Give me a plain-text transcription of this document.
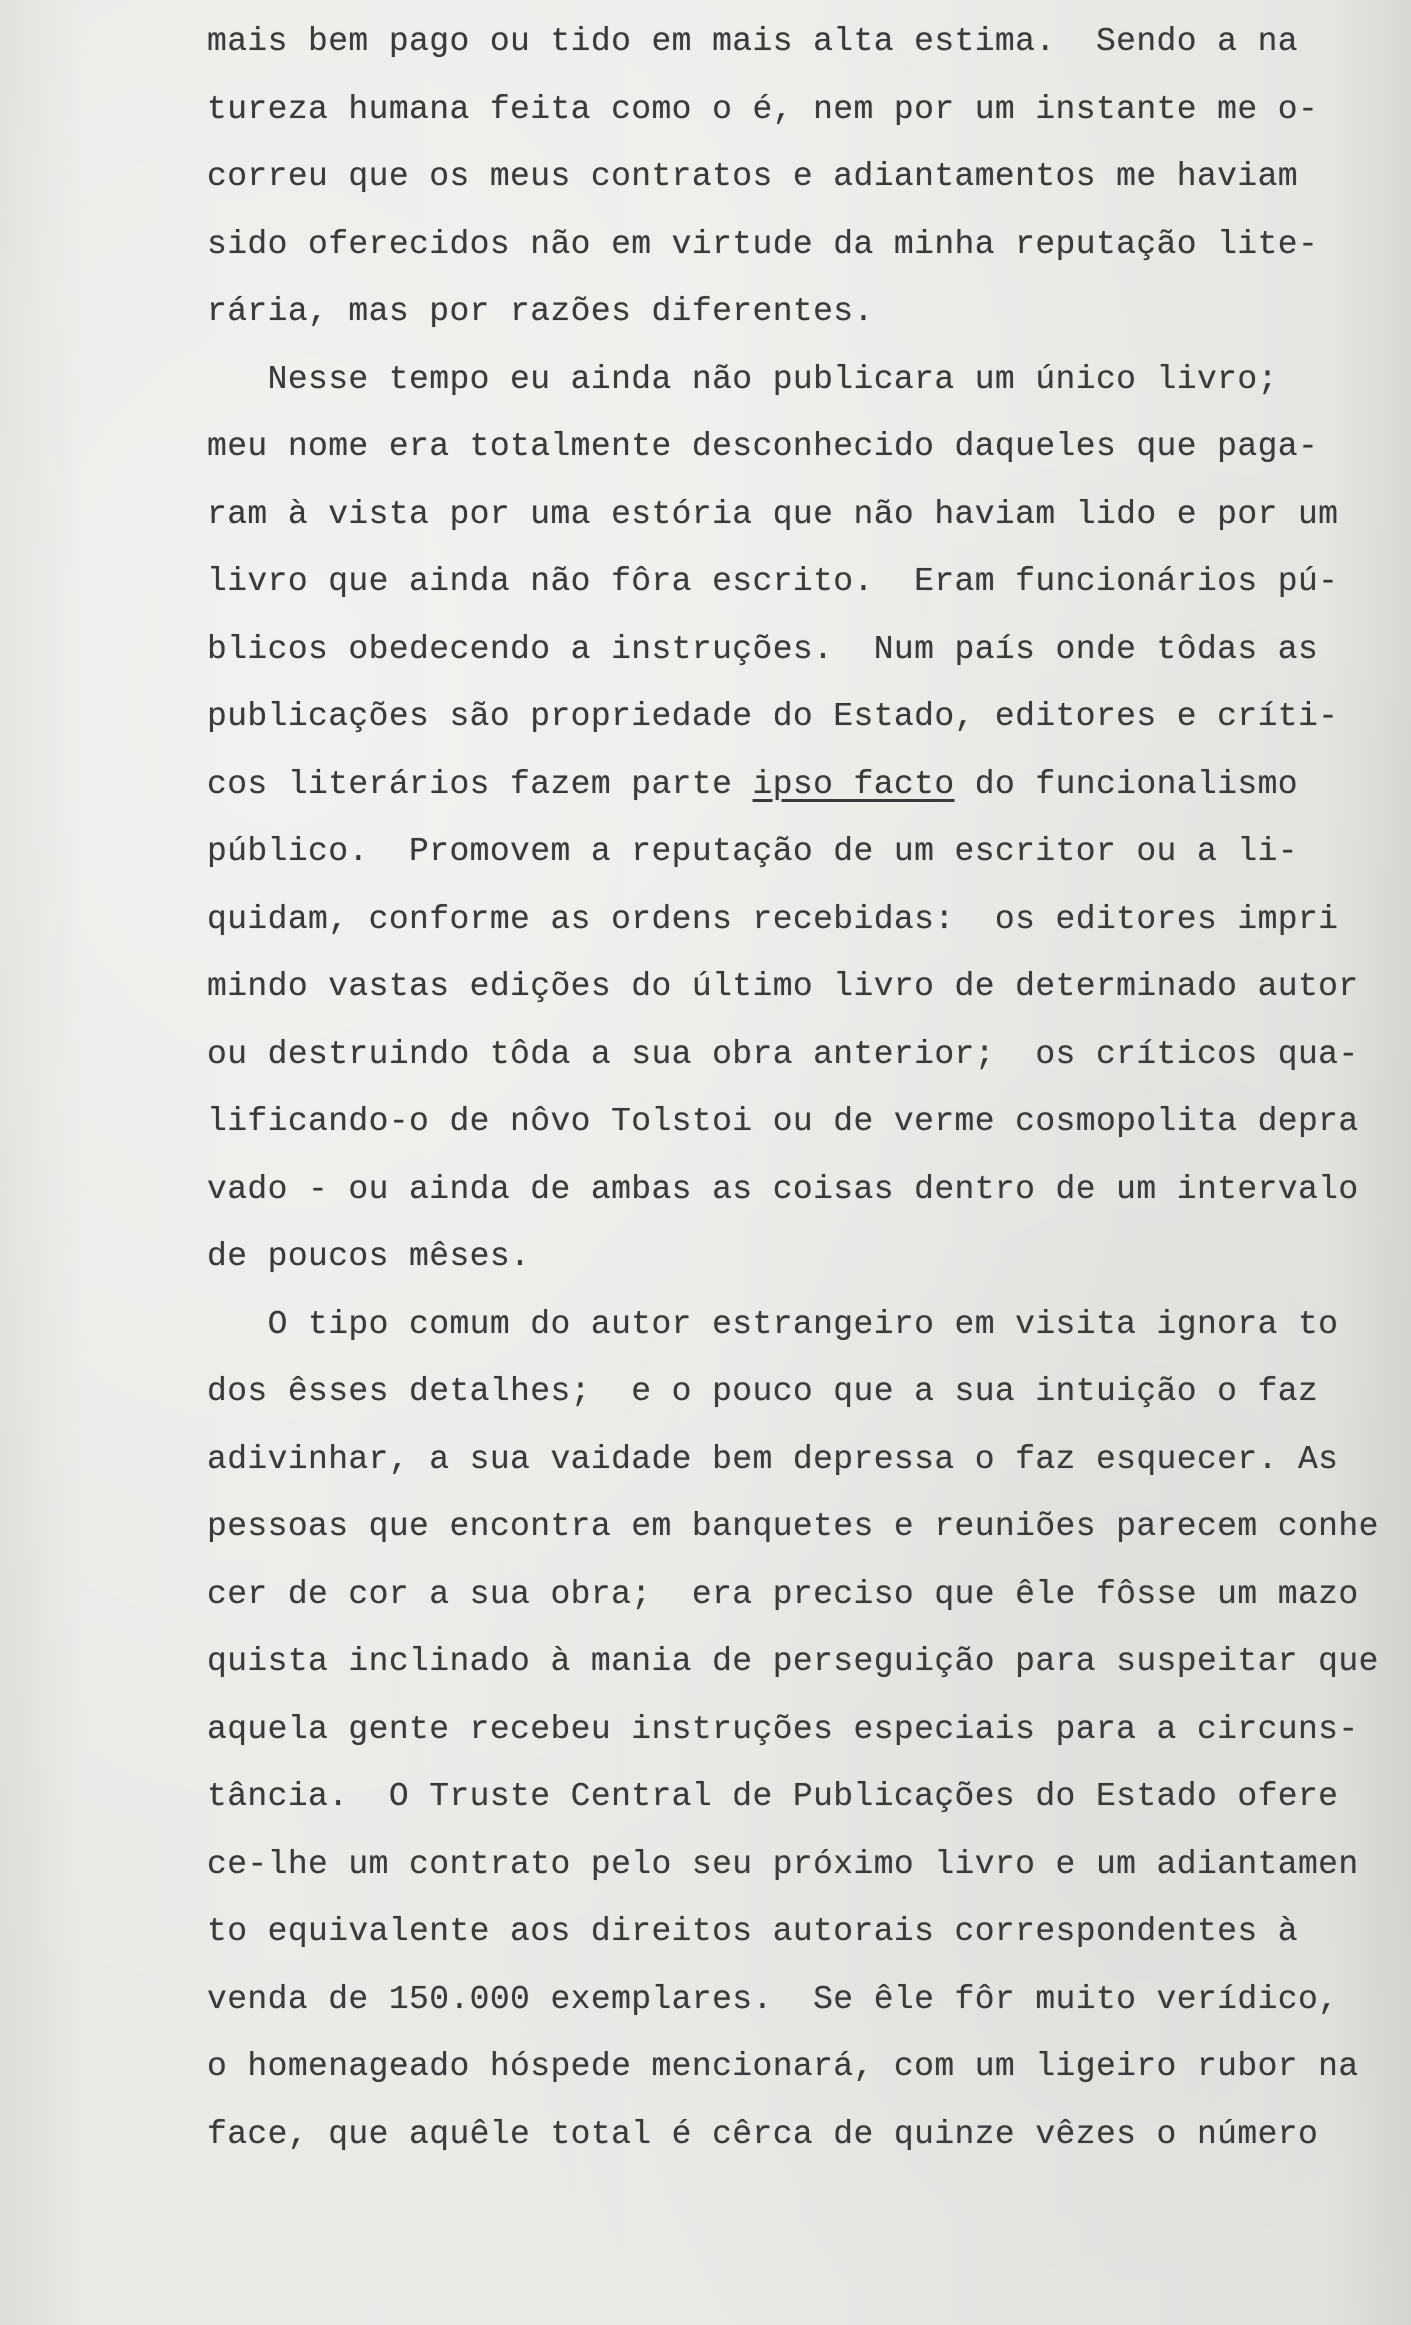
mais bem pago ou tido em mais alta estima.  Sendo a na
tureza humana feita como o é, nem por um instante me o-
correu que os meus contratos e adiantamentos me haviam
sido oferecidos não em virtude da minha reputação lite-
rária, mas por razões diferentes.
Nesse tempo eu ainda não publicara um único livro;
meu nome era totalmente desconhecido daqueles que paga-
ram à vista por uma estória que não haviam lido e por um
livro que ainda não fôra escrito.  Eram funcionários pú-
blicos obedecendo a instruções.  Num país onde tôdas as
publicações são propriedade do Estado, editores e críti-
cos literários fazem parte ipso facto do funcionalismo
público.  Promovem a reputação de um escritor ou a li-
quidam, conforme as ordens recebidas:  os editores impri
mindo vastas edições do último livro de determinado autor
ou destruindo tôda a sua obra anterior;  os críticos qua-
lificando-o de nôvo Tolstoi ou de verme cosmopolita depra
vado - ou ainda de ambas as coisas dentro de um intervalo
de poucos mêses.
O tipo comum do autor estrangeiro em visita ignora to
dos êsses detalhes;  e o pouco que a sua intuição o faz
adivinhar, a sua vaidade bem depressa o faz esquecer. As
pessoas que encontra em banquetes e reuniões parecem conhe
cer de cor a sua obra;  era preciso que êle fôsse um mazo
quista inclinado à mania de perseguição para suspeitar que
aquela gente recebeu instruções especiais para a circuns-
tância.  O Truste Central de Publicações do Estado ofere
ce-lhe um contrato pelo seu próximo livro e um adiantamen
to equivalente aos direitos autorais correspondentes à
venda de 150.000 exemplares.  Se êle fôr muito verídico,
o homenageado hóspede mencionará, com um ligeiro rubor na
face, que aquêle total é cêrca de quinze vêzes o número
